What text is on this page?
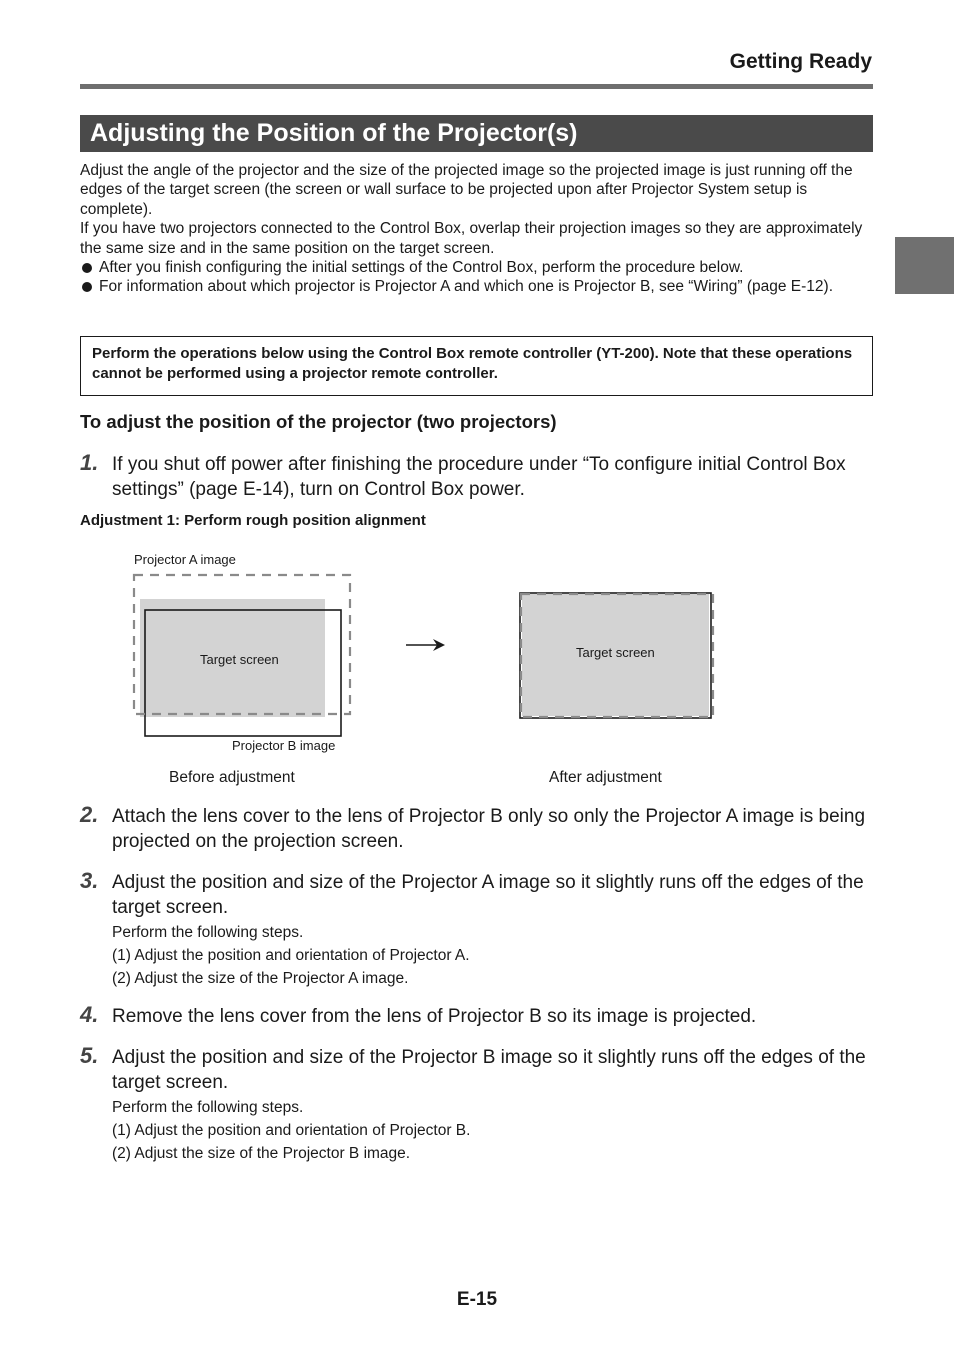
Getting Ready
Adjusting the Position of the Projector(s)

Adjust the angle of the projector and the size of the projected image so the projected image is just running off the edges of the target screen (the screen or wall surface to be projected upon after Projector System setup is complete).

If you have two projectors connected to the Control Box, overlap their projection images so they are approximately the same size and in the same position on the target screen.

After you finish configuring the initial settings of the Control Box, perform the procedure below.

For information about which projector is Projector A and which one is Projector B, see “Wiring” (page E-12).

Perform the operations below using the Control Box remote controller (YT-200). Note that these operations cannot be performed using a projector remote controller.
To adjust the position of the projector (two projectors)
1. If you shut off power after finishing the procedure under “To configure initial Control Box settings” (page E-14), turn on Control Box power.
Adjustment 1: Perform rough position alignment
Projector A image
Target screen	Target screen
Projector B image
Before adjustment	After adjustment
2. Attach the lens cover to the lens of Projector B only so only the Projector A image is being projected on the projection screen.
3. Adjust the position and size of the Projector A image so it slightly runs off the edges of the target screen.
Perform the following steps.
(1) Adjust the position and orientation of Projector A.
(2) Adjust the size of the Projector A image.
4. Remove the lens cover from the lens of Projector B so its image is projected.
5. Adjust the position and size of the Projector B image so it slightly runs off the edges of the target screen.
Perform the following steps.
(1) Adjust the position and orientation of Projector B.
(2) Adjust the size of the Projector B image.
E-15
